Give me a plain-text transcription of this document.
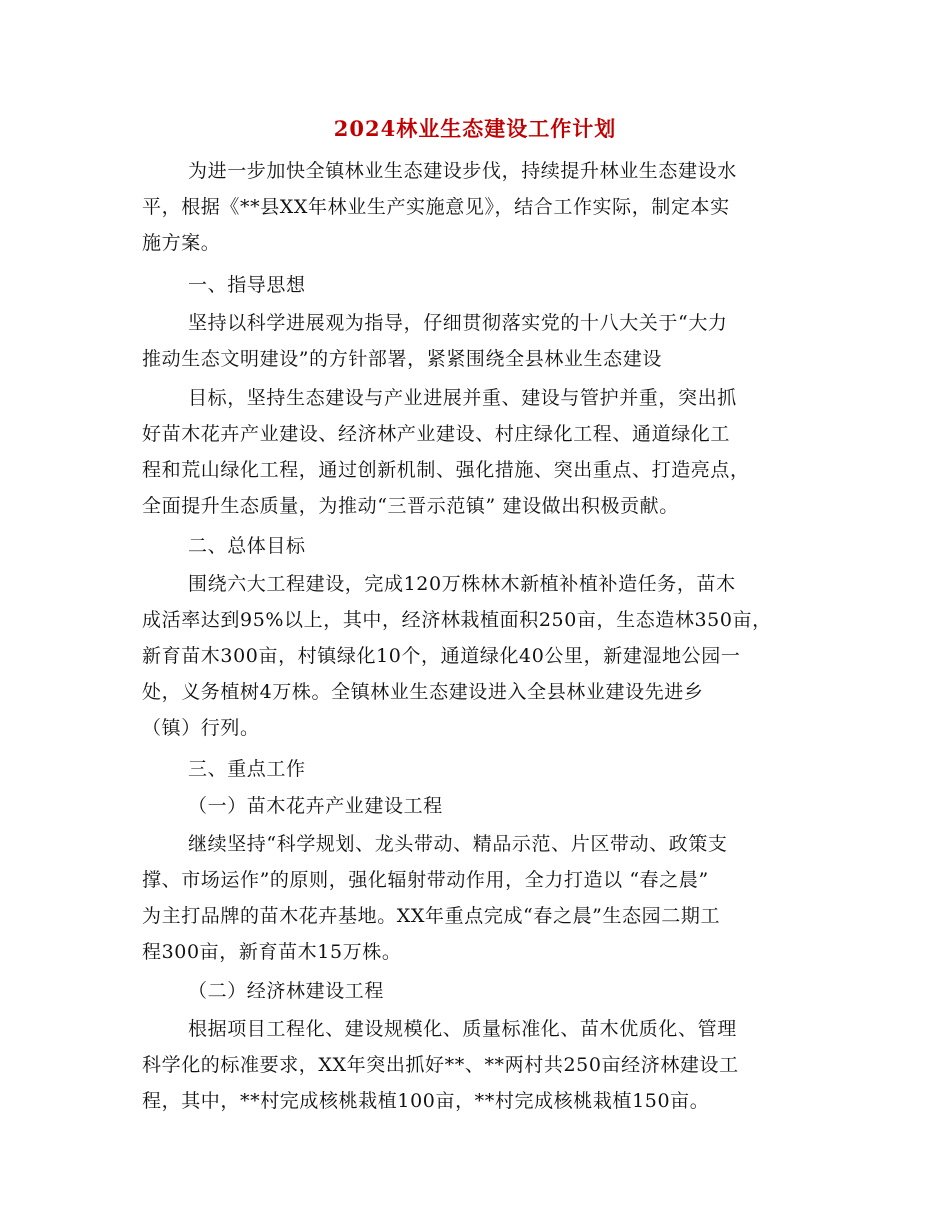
2024林业生态建设工作计划
为进一步加快全镇林业生态建设步伐，持续提升林业生态建设水
平，根据《**县XX年林业生产实施意见》，结合工作实际，制定本实
施方案。
一、指导思想
坚持以科学进展观为指导，仔细贯彻落实党的十八大关于“大力
推动生态文明建设”的方针部署，紧紧围绕全县林业生态建设
目标，坚持生态建设与产业进展并重、建设与管护并重，突出抓
好苗木花卉产业建设、经济林产业建设、村庄绿化工程、通道绿化工
程和荒山绿化工程，通过创新机制、强化措施、突出重点、打造亮点，
全面提升生态质量，为推动“三晋示范镇” 建设做出积极贡献。
二、总体目标
围绕六大工程建设，完成120万株林木新植补植补造任务，苗木
成活率达到95%以上，其中，经济林栽植面积250亩，生态造林350亩，
新育苗木300亩，村镇绿化10个，通道绿化40公里，新建湿地公园一
处，义务植树4万株。全镇林业生态建设进入全县林业建设先进乡
（镇）行列。
三、重点工作
（一）苗木花卉产业建设工程
继续坚持“科学规划、龙头带动、精品示范、片区带动、政策支
撑、市场运作”的原则，强化辐射带动作用，全力打造以 “春之晨”
为主打品牌的苗木花卉基地。XX年重点完成“春之晨”生态园二期工
程300亩，新育苗木15万株。
（二）经济林建设工程
根据项目工程化、建设规模化、质量标准化、苗木优质化、管理
科学化的标准要求，XX年突出抓好**、**两村共250亩经济林建设工
程，其中，**村完成核桃栽植100亩，**村完成核桃栽植150亩。
